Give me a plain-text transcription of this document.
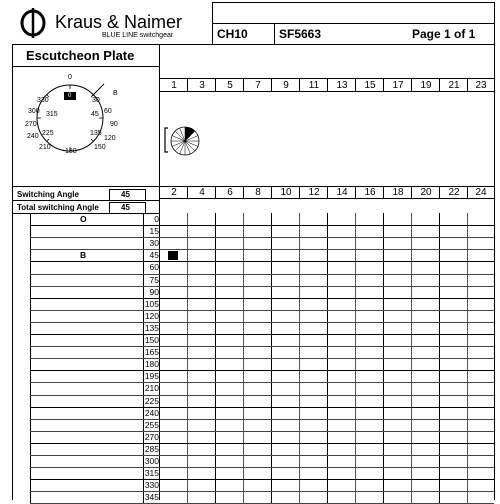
Kraus & Naimer
BLUE LINE switchgear	CH10	SF5663	Page 1 of 1
Escutcheon Plate
0
B
0
330	30
300	60
315	45
270	90
240	120
225	135
210	150
180
1	3	5	7	9	11	13	15	17	19	21	23
Switching Angle	45
Total switching Angle	45
2	4	6	8	10	12	14	16	18	20	22	24
O	0
15
30
B	45
60
75
90
105
120
135
150
165
180
195
210
225
240
255
270
285
300
315
330
345
